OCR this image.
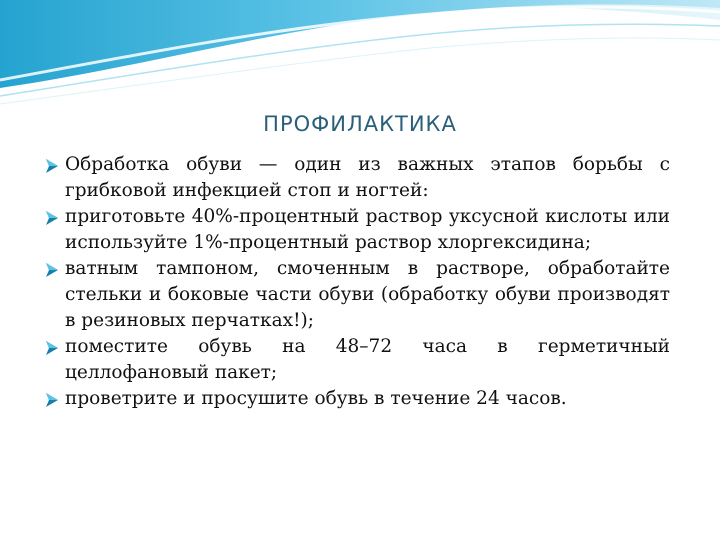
ПРОФИЛАКТИКА
Обработка обуви — один из важных этапов борьбы с грибковой инфекцией стоп и ногтей:
приготовьте 40%-процентный раствор уксусной кислоты или используйте 1%-процентный раствор хлоргексидина;
ватным тампоном, смоченным в растворе, обработайте стельки и боковые части обуви (обработку обуви производят в резиновых перчатках!);
поместите обувь на 48–72 часа в герметичный целлофановый пакет;
проветрите и просушите обувь в течение 24 часов.
